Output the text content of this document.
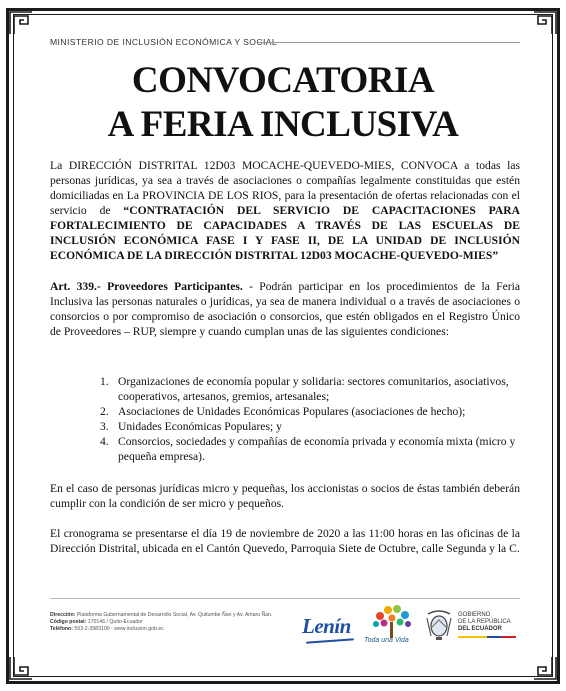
MINISTERIO DE INCLUSIÓN ECONÓMICA Y SOCIAL
CONVOCATORIA
A FERIA INCLUSIVA

La DIRECCIÓN DISTRITAL 12D03 MOCACHE-QUEVEDO-MIES, CONVOCA a todas las personas jurídicas, ya sea a través de asociaciones o compañías legalmente constituidas que estén domiciliadas en La PROVINCIA DE LOS RIOS, para la presentación de ofertas relacionadas con el servicio de “CONTRATACIÓN DEL SERVICIO DE CAPACITACIONES PARA FORTALECIMIENTO DE CAPACIDADES A TRAVÉS DE LAS ESCUELAS DE INCLUSIÓN ECONÓMICA FASE I Y FASE II, DE LA UNIDAD DE INCLUSIÓN ECONÓMICA DE LA DIRECCIÓN DISTRITAL 12D03 MOCACHE-QUEVEDO-MIES”

Art. 339.- Proveedores Participantes. - Podrán participar en los procedimientos de la Feria Inclusiva las personas naturales o jurídicas, ya sea de manera individual o a través de asociaciones o consorcios o por compromiso de asociación o consorcios, que estén obligados en el Registro Único de Proveedores – RUP, siempre y cuando cumplan unas de las siguientes condiciones:

1. Organizaciones de economía popular y solidaria: sectores comunitarios, asociativos, cooperativos, artesanos, gremios, artesanales;
2. Asociaciones de Unidades Económicas Populares (asociaciones de hecho);
3. Unidades Económicas Populares; y
4. Consorcios, sociedades y compañías de economía privada y economía mixta (micro y pequeña empresa).

En el caso de personas jurídicas micro y pequeñas, los accionistas o socios de éstas también deberán cumplir con la condición de ser micro y pequeños.

El cronograma se presentarse el día 19 de noviembre de 2020 a las 11:00 horas en las oficinas de la Dirección Distrital, ubicada en el Cantón Quevedo, Parroquia Siete de Octubre, calle Segunda y la C.

Dirección: Plataforma Gubernamental de Desarrollo Social, Av. Quitumbe Ñan y Av. Amaru Ñan. Código postal: 170146 / Quito-Ecuador
Teléfono: 593-2-3983100 - www.inclusion.gob.ec	Lenín
Toda una Vida
GOBIERNO
DE LA REPÚBLICA
DEL ECUADOR
